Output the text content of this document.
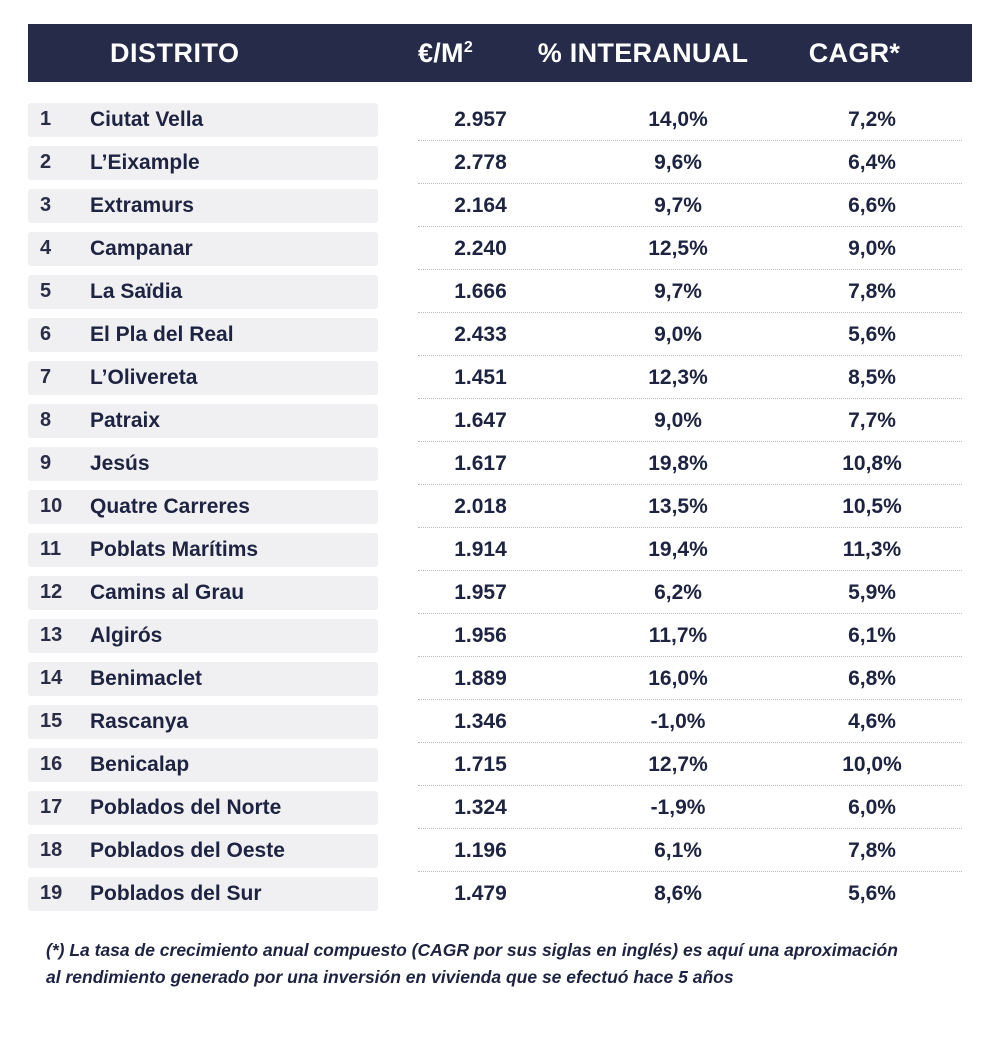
DISTRITO	$€/M^2$	% INTERANUAL	CAGR*
1	Ciutat Vella	2.957	14,0%	7,2%
2	L’Eixample	2.778	9,6%	6,4%
3	Extramurs	2.164	9,7%	6,6%
4	Campanar	2.240	12,5%	9,0%
5	La Saïdia	1.666	9,7%	7,8%
6	El Pla del Real	2.433	9,0%	5,6%
7	L’Olivereta	1.451	12,3%	8,5%
8	Patraix	1.647	9,0%	7,7%
9	Jesús	1.617	19,8%	10,8%
10	Quatre Carreres	2.018	13,5%	10,5%
11	Poblats Marítims	1.914	19,4%	11,3%
12	Camins al Grau	1.957	6,2%	5,9%
13	Algirós	1.956	11,7%	6,1%
14	Benimaclet	1.889	16,0%	6,8%
15	Rascanya	1.346	-1,0%	4,6%
16	Benicalap	1.715	12,7%	10,0%
17	Poblados del Norte	1.324	-1,9%	6,0%
18	Poblados del Oeste	1.196	6,1%	7,8%
19	Poblados del Sur	1.479	8,6%	5,6%
(*) La tasa de crecimiento anual compuesto (CAGR por sus siglas en inglés) es aquí una aproximación
al rendimiento generado por una inversión en vivienda que se efectuó hace 5 años
